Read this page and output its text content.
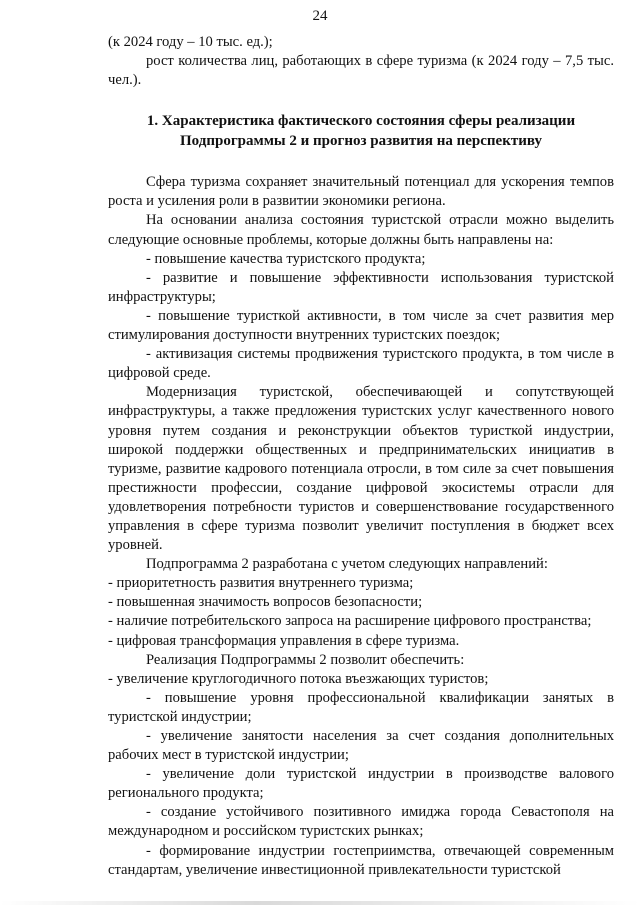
24

(к 2024 году – 10 тыс. ед.);

рост количества лиц, работающих в сфере туризма (к 2024 году – 7,5 тыс. чел.).

1. Характеристика фактического состояния сферы реализации Подпрограммы 2 и прогноз развития на перспективу

Сфера туризма сохраняет значительный потенциал для ускорения темпов роста и усиления роли в развитии экономики региона.

На основании анализа состояния туристской отрасли можно выделить следующие основные проблемы, которые должны быть направлены на:

- повышение качества туристского продукта;

- развитие и повышение эффективности использования туристской инфраструктуры;

- повышение туристкой активности, в том числе за счет развития мер стимулирования доступности внутренних туристских поездок;

- активизация системы продвижения туристского продукта, в том числе в цифровой среде.

Модернизация туристской, обеспечивающей и сопутствующей инфраструктуры, а также предложения туристских услуг качественного нового уровня путем создания и реконструкции объектов туристкой индустрии, широкой поддержки общественных и предпринимательских инициатив в туризме, развитие кадрового потенциала отросли, в том силе за счет повышения престижности профессии, создание цифровой экосистемы отрасли для удовлетворения потребности туристов и совершенствование государственного управления в сфере туризма позволит увеличит поступления в бюджет всех уровней.

Подпрограмма 2 разработана с учетом следующих направлений:

- приоритетность развития внутреннего туризма;

- повышенная значимость вопросов безопасности;

- наличие потребительского запроса на расширение цифрового пространства;

- цифровая трансформация управления в сфере туризма.

Реализация Подпрограммы 2 позволит обеспечить:

- увеличение круглогодичного потока въезжающих туристов;

- повышение уровня профессиональной квалификации занятых в туристской индустрии;

- увеличение занятости населения за счет создания дополнительных рабочих мест в туристской индустрии;

- увеличение доли туристской индустрии в производстве валового регионального продукта;

- создание устойчивого позитивного имиджа города Севастополя на международном и российском туристских рынках;

- формирование индустрии гостеприимства, отвечающей современным стандартам, увеличение инвестиционной привлекательности туристской
